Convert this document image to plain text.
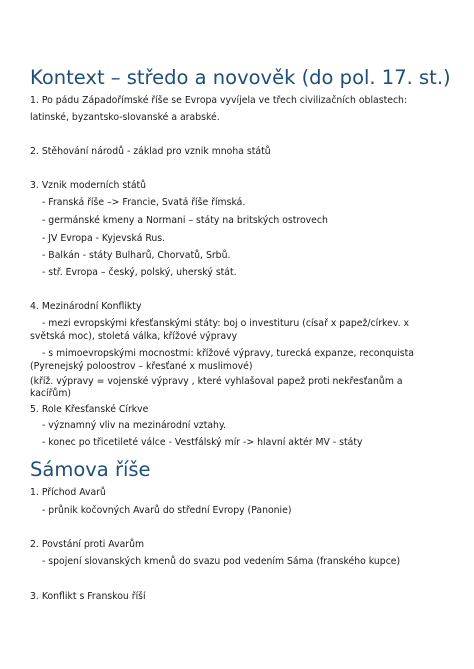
Kontext – středo a novověk (do pol. 17. st.)
1. Po pádu Západořímské říše se Evropa vyvíjela ve třech civilizačních oblastech:
latinské, byzantsko-slovanské a arabské.
2. Stěhování národů - základ pro vznik mnoha států
3. Vznik moderních států
- Franská říše –> Francie, Svatá říše římská.
- germánské kmeny a Normani – státy na britských ostrovech
- JV Evropa - Kyjevská Rus.
- Balkán - státy Bulharů, Chorvatů, Srbů.
- stř. Evropa – český, polský, uherský stát.
4. Mezinárodní Konflikty
- mezi evropskými křesťanskými státy: boj o investituru (císař x papež/církev. x
světská moc), stoletá válka, křížové výpravy
- s mimoevropskými mocnostmi: křížové výpravy, turecká expanze, reconquista
(Pyrenejský poloostrov – křesťané x muslimové)
(kříž. výpravy = vojenské výpravy , které vyhlašoval papež proti nekřesťanům a
kacířům)
5. Role Křesťanské Církve
- významný vliv na mezinárodní vztahy.
- konec po třicetileté válce - Vestfálský mír -> hlavní aktér MV - státy
Sámova říše
1. Příchod Avarů
- průnik kočovných Avarů do střední Evropy (Panonie)
2. Povstání proti Avarům
- spojení slovanských kmenů do svazu pod vedením Sáma (franského kupce)
3. Konflikt s Franskou říší
